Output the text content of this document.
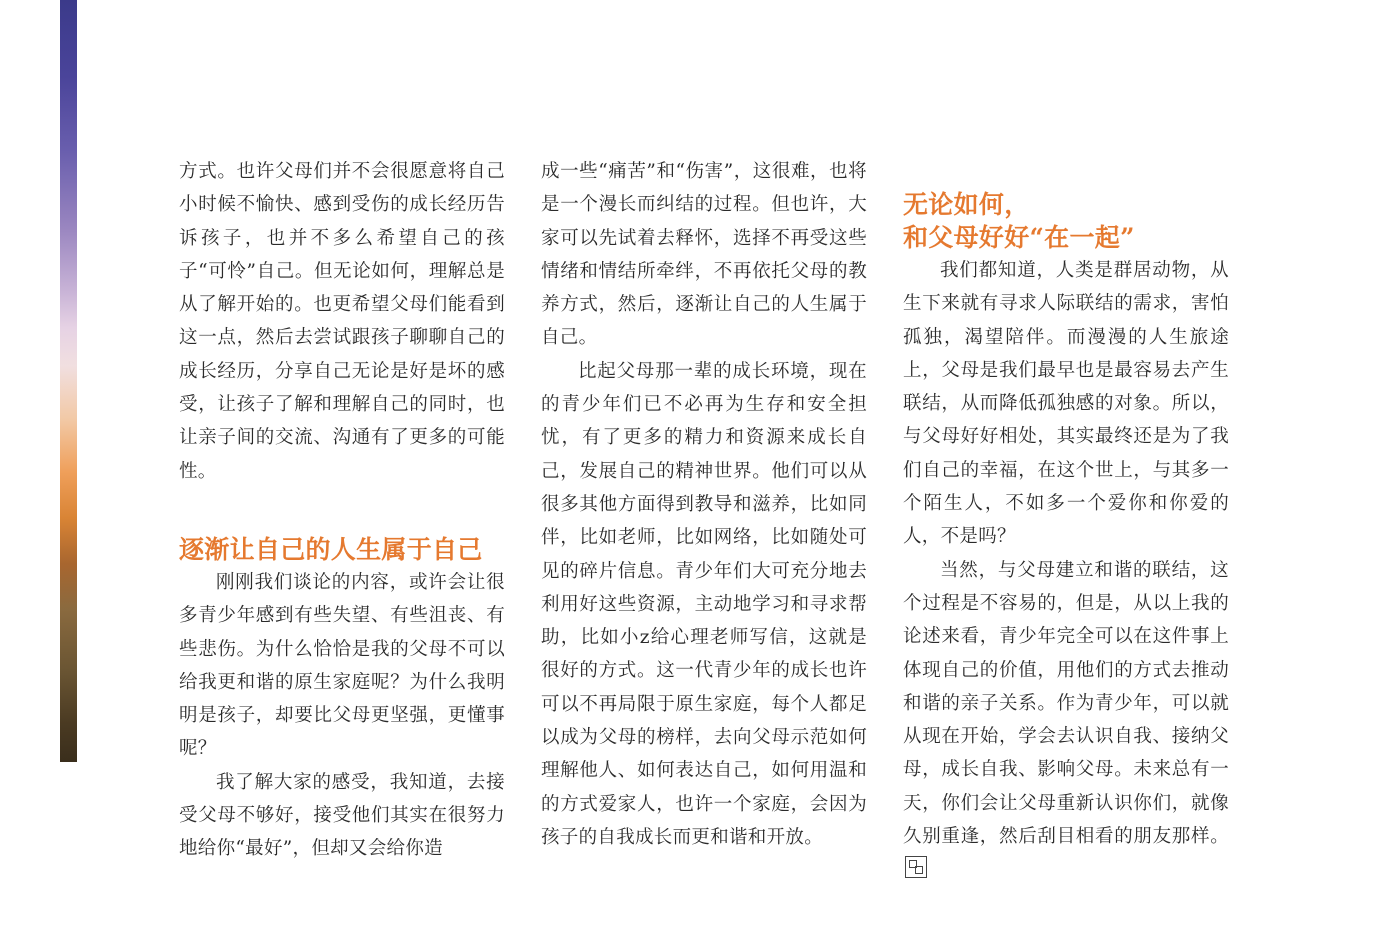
方式。也许父母们并不会很愿意将自己小时候不愉快、感到受伤的成长经历告诉孩子，也并不多么希望自己的孩子“可怜”自己。但无论如何，理解总是从了解开始的。也更希望父母们能看到这一点，然后去尝试跟孩子聊聊自己的成长经历，分享自己无论是好是坏的感受，让孩子了解和理解自己的同时，也让亲子间的交流、沟通有了更多的可能性。

逐渐让自己的人生属于自己

刚刚我们谈论的内容，或许会让很多青少年感到有些失望、有些沮丧、有些悲伤。为什么恰恰是我的父母不可以给我更和谐的原生家庭呢？为什么我明明是孩子，却要比父母更坚强，更懂事呢？

我了解大家的感受，我知道，去接受父母不够好，接受他们其实在很努力地给你“最好”，但却又会给你造

成一些“痛苦”和“伤害”，这很难，也将是一个漫长而纠结的过程。但也许，大家可以先试着去释怀，选择不再受这些情绪和情结所牵绊，不再依托父母的教养方式，然后，逐渐让自己的人生属于自己。

比起父母那一辈的成长环境，现在的青少年们已不必再为生存和安全担忧，有了更多的精力和资源来成长自己，发展自己的精神世界。他们可以从很多其他方面得到教导和滋养，比如同伴，比如老师，比如网络，比如随处可见的碎片信息。青少年们大可充分地去利用好这些资源，主动地学习和寻求帮助，比如小z给心理老师写信，这就是很好的方式。这一代青少年的成长也许可以不再局限于原生家庭，每个人都足以成为父母的榜样，去向父母示范如何理解他人、如何表达自己，如何用温和的方式爱家人，也许一个家庭，会因为孩子的自我成长而更和谐和开放。

无论如何，

和父母好好“在一起”

我们都知道，人类是群居动物，从生下来就有寻求人际联结的需求，害怕孤独，渴望陪伴。而漫漫的人生旅途上，父母是我们最早也是最容易去产生联结，从而降低孤独感的对象。所以，与父母好好相处，其实最终还是为了我们自己的幸福，在这个世上，与其多一个陌生人，不如多一个爱你和你爱的人，不是吗？

当然，与父母建立和谐的联结，这个过程是不容易的，但是，从以上我的论述来看，青少年完全可以在这件事上体现自己的价值，用他们的方式去推动和谐的亲子关系。作为青少年，可以就从现在开始，学会去认识自我、接纳父母，成长自我、影响父母。未来总有一天，你们会让父母重新认识你们，就像久别重逢，然后刮目相看的朋友那样。
